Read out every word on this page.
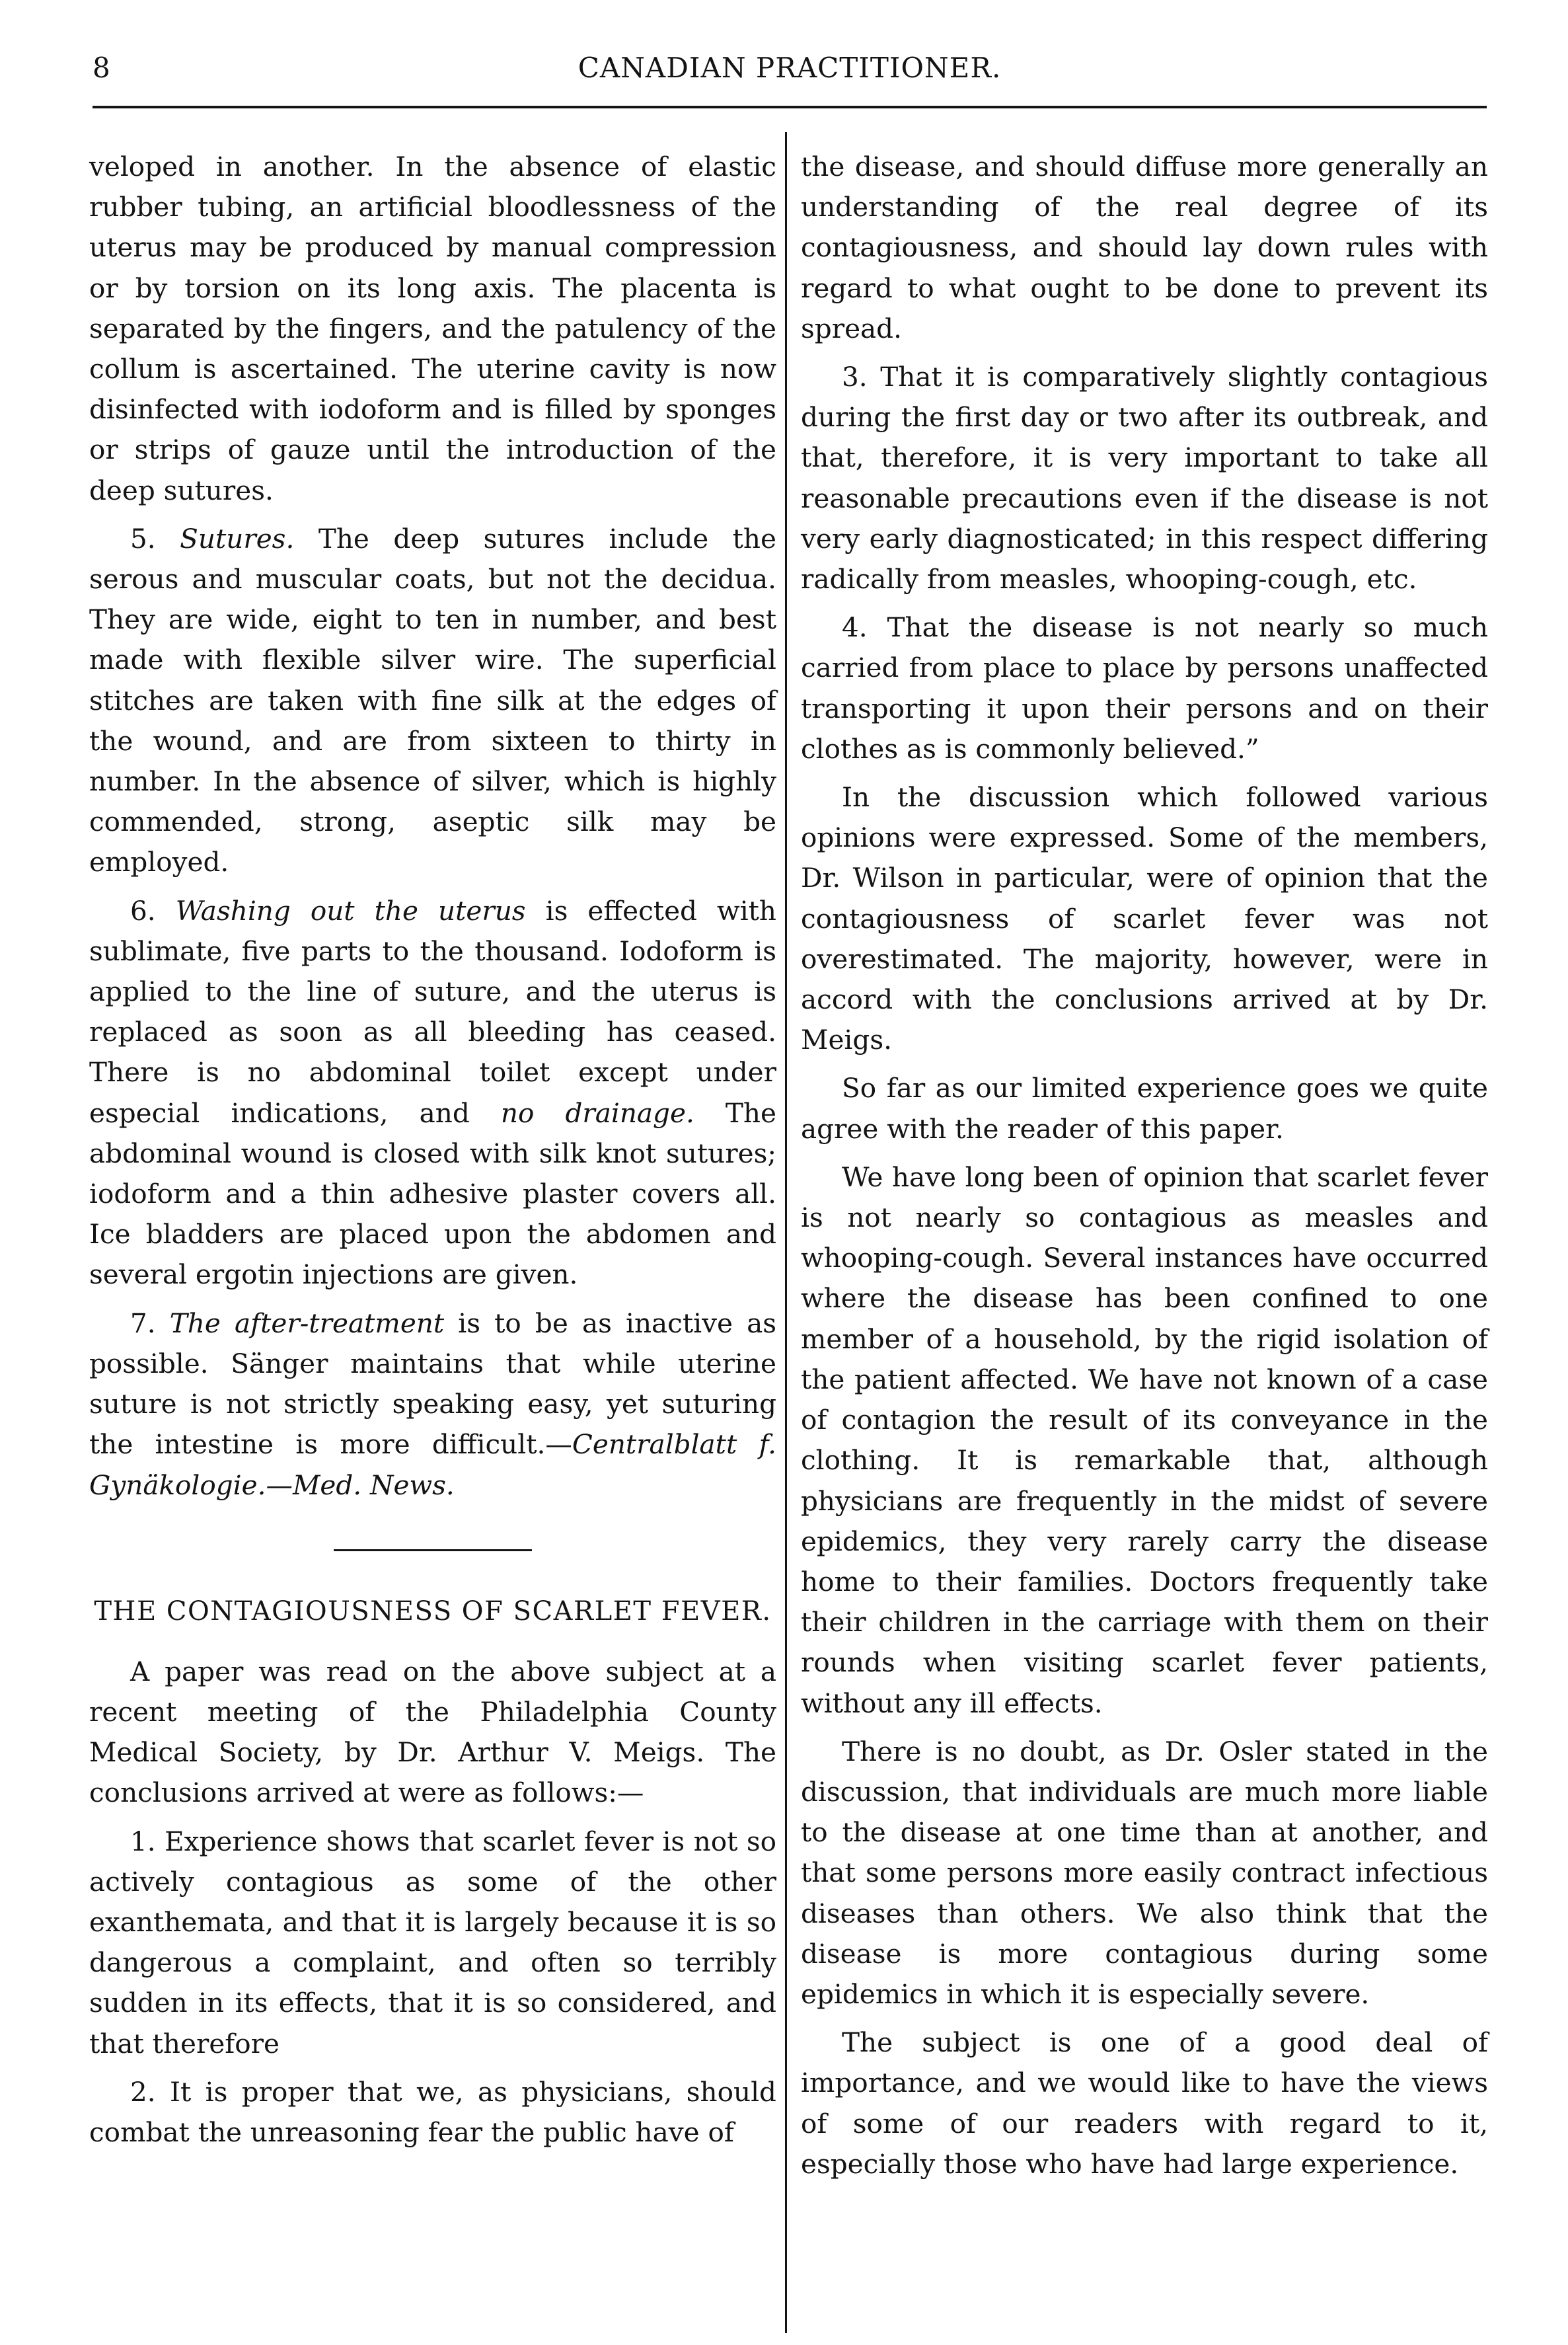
8	CANADIAN PRACTITIONER.

veloped in another. In the absence of elastic rubber tubing, an artificial bloodlessness of the uterus may be produced by manual compression or by torsion on its long axis. The placenta is separated by the fingers, and the patulency of the collum is ascertained. The uterine cavity is now disinfected with iodoform and is filled by sponges or strips of gauze until the introduction of the deep sutures.

5. Sutures. The deep sutures include the serous and muscular coats, but not the decidua. They are wide, eight to ten in number, and best made with flexible silver wire. The superficial stitches are taken with fine silk at the edges of the wound, and are from sixteen to thirty in number. In the absence of silver, which is highly commended, strong, aseptic silk may be employed.

6. Washing out the uterus is effected with sublimate, five parts to the thousand. Iodoform is applied to the line of suture, and the uterus is replaced as soon as all bleeding has ceased. There is no abdominal toilet except under especial indications, and no drainage. The abdominal wound is closed with silk knot sutures; iodoform and a thin adhesive plaster covers all. Ice bladders are placed upon the abdomen and several ergotin injections are given.

7. The after-treatment is to be as inactive as possible. Sänger maintains that while uterine suture is not strictly speaking easy, yet suturing the intestine is more difficult.—Centralblatt f. Gynäkologie.—Med. News.

THE CONTAGIOUSNESS OF SCARLET FEVER.

A paper was read on the above subject at a recent meeting of the Philadelphia County Medical Society, by Dr. Arthur V. Meigs. The conclusions arrived at were as follows:—

1. Experience shows that scarlet fever is not so actively contagious as some of the other exanthemata, and that it is largely because it is so dangerous a complaint, and often so terribly sudden in its effects, that it is so considered, and that therefore

2. It is proper that we, as physicians, should combat the unreasoning fear the public have of

the disease, and should diffuse more generally an understanding of the real degree of its contagiousness, and should lay down rules with regard to what ought to be done to prevent its spread.

3. That it is comparatively slightly contagious during the first day or two after its outbreak, and that, therefore, it is very important to take all reasonable precautions even if the disease is not very early diagnosticated; in this respect differing radically from measles, whooping-cough, etc.

4. That the disease is not nearly so much carried from place to place by persons unaffected transporting it upon their persons and on their clothes as is commonly believed.”

In the discussion which followed various opinions were expressed. Some of the members, Dr. Wilson in particular, were of opinion that the contagiousness of scarlet fever was not overestimated. The majority, however, were in accord with the conclusions arrived at by Dr. Meigs.

So far as our limited experience goes we quite agree with the reader of this paper.

We have long been of opinion that scarlet fever is not nearly so contagious as measles and whooping-cough. Several instances have occurred where the disease has been confined to one member of a household, by the rigid isolation of the patient affected. We have not known of a case of contagion the result of its conveyance in the clothing. It is remarkable that, although physicians are frequently in the midst of severe epidemics, they very rarely carry the disease home to their families. Doctors frequently take their children in the carriage with them on their rounds when visiting scarlet fever patients, without any ill effects.

There is no doubt, as Dr. Osler stated in the discussion, that individuals are much more liable to the disease at one time than at another, and that some persons more easily contract infectious diseases than others. We also think that the disease is more contagious during some epidemics in which it is especially severe.

The subject is one of a good deal of importance, and we would like to have the views of some of our readers with regard to it, especially those who have had large experience.
